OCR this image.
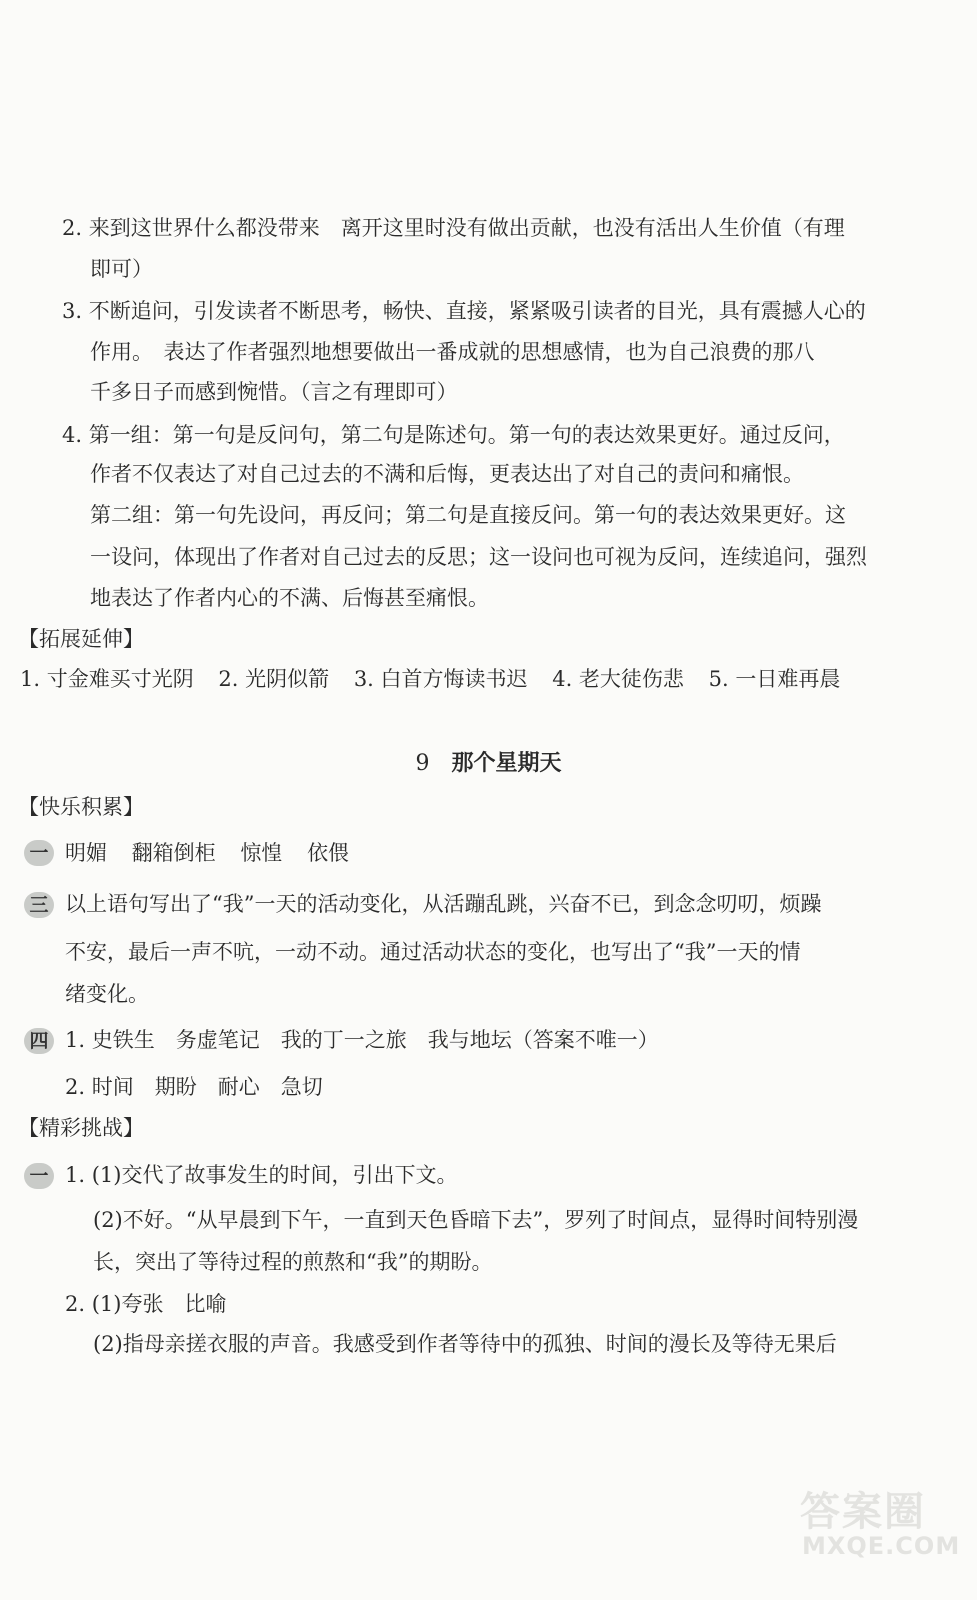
2. 来到这世界什么都没带来　离开这里时没有做出贡献，也没有活出人生价值（有理
即可）
3. 不断追问，引发读者不断思考，畅快、直接，紧紧吸引读者的目光，具有震撼人心的
作用。　表达了作者强烈地想要做出一番成就的思想感情，也为自己浪费的那八
千多日子而感到惋惜。（言之有理即可）
4. 第一组：第一句是反问句，第二句是陈述句。第一句的表达效果更好。通过反问，
作者不仅表达了对自己过去的不满和后悔，更表达出了对自己的责问和痛恨。
第二组：第一句先设问，再反问；第二句是直接反问。第一句的表达效果更好。这
一设问，体现出了作者对自己过去的反思；这一设问也可视为反问，连续追问，强烈
地表达了作者内心的不满、后悔甚至痛恨。
【拓展延伸】
1. 寸金难买寸光阴 2. 光阴似箭 3. 白首方悔读书迟 4. 老大徒伤悲 5. 一日难再晨
9 那个星期天
【快乐积累】
一 明媚 翻箱倒柜 惊惶 依偎
三 以上语句写出了“我”一天的活动变化，从活蹦乱跳，兴奋不已，到念念叨叨，烦躁
不安，最后一声不吭，一动不动。通过活动状态的变化，也写出了“我”一天的情
绪变化。
四 1. 史铁生　务虚笔记　我的丁一之旅　我与地坛（答案不唯一）
2. 时间　期盼　耐心　急切
【精彩挑战】
一 1. (1)交代了故事发生的时间，引出下文。
(2)不好。“从早晨到下午，一直到天色昏暗下去”，罗列了时间点，显得时间特别漫
长，突出了等待过程的煎熬和“我”的期盼。
2. (1)夸张　比喻
(2)指母亲搓衣服的声音。我感受到作者等待中的孤独、时间的漫长及等待无果后
答案圈
MXQE.COM
